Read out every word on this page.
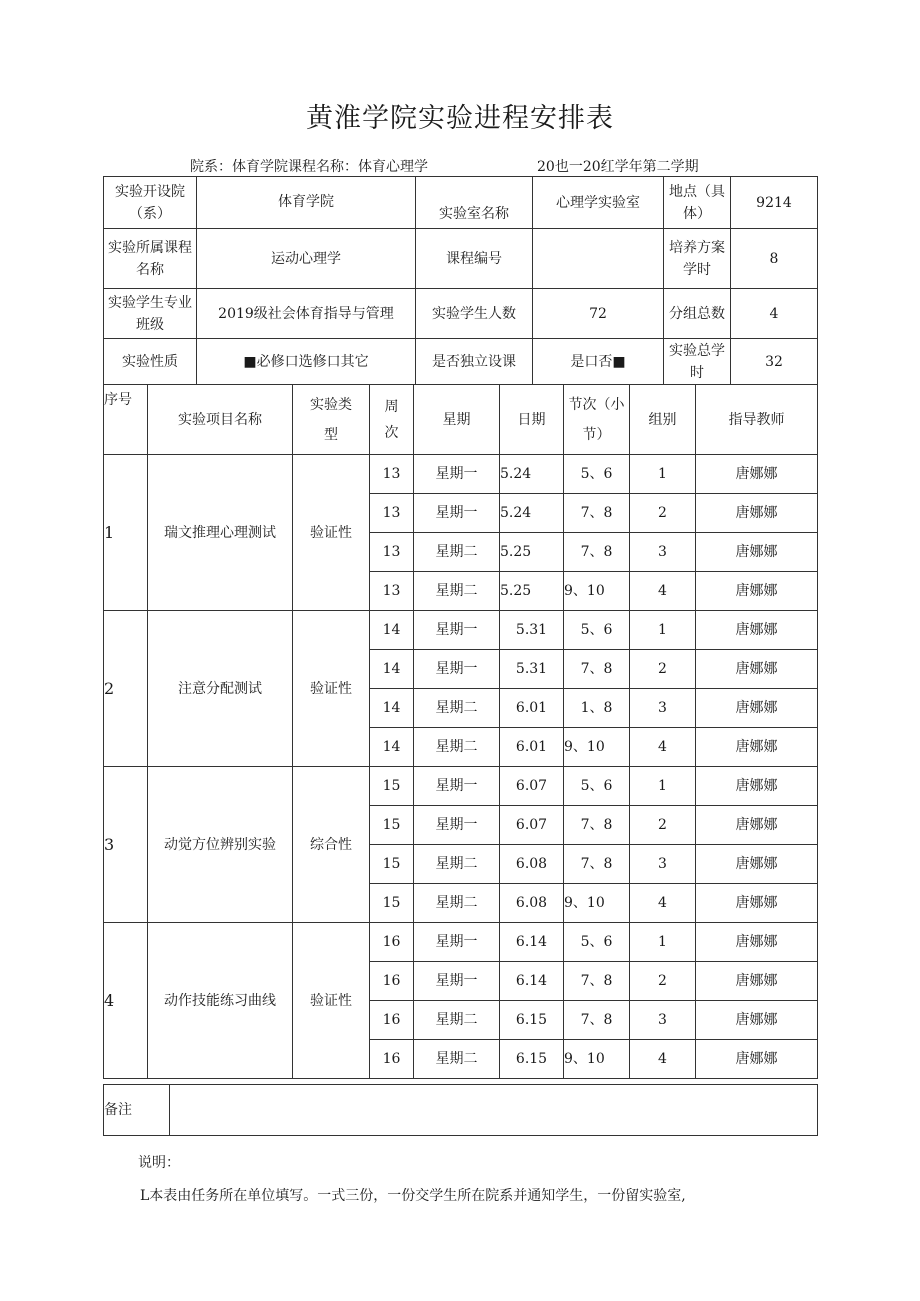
黄淮学院实验进程安排表
院系：体育学院课程名称：体育心理学	20也一20红学年第二学期
实验开设院（系）	体育学院	实验室名称	心理学实验室	地点（具体）	9214
实验所属课程名称	运动心理学	课程编号		培养方案学时	8
实验学生专业班级	2019级社会体育指导与管理	实验学生人数	72	分组总数	4
实验性质	■必修口选修口其它	是否独立设课	是口否■	实验总学时	32
序号	实验项目名称	实验类型	周次	星期	日期	节次（小节）	组别	指导教师
1	瑞文推理心理测试	验证性	13	星期一	5.24	5、6	1	唐娜娜
			13	星期一	5.24	7、8	2	唐娜娜
			13	星期二	5.25	7、8	3	唐娜娜
			13	星期二	5.25	9、10	4	唐娜娜
2	注意分配测试	验证性	14	星期一	5.31	5、6	1	唐娜娜
			14	星期一	5.31	7、8	2	唐娜娜
			14	星期二	6.01	1、8	3	唐娜娜
			14	星期二	6.01	9、10	4	唐娜娜
3	动觉方位辨别实验	综合性	15	星期一	6.07	5、6	1	唐娜娜
			15	星期一	6.07	7、8	2	唐娜娜
			15	星期二	6.08	7、8	3	唐娜娜
			15	星期二	6.08	9、10	4	唐娜娜
4	动作技能练习曲线	验证性	16	星期一	6.14	5、6	1	唐娜娜
			16	星期一	6.14	7、8	2	唐娜娜
			16	星期二	6.15	7、8	3	唐娜娜
			16	星期二	6.15	9、10	4	唐娜娜
备注	
说明：
L本表由任务所在单位填写。一式三份，一份交学生所在院系并通知学生，一份留实验室,
